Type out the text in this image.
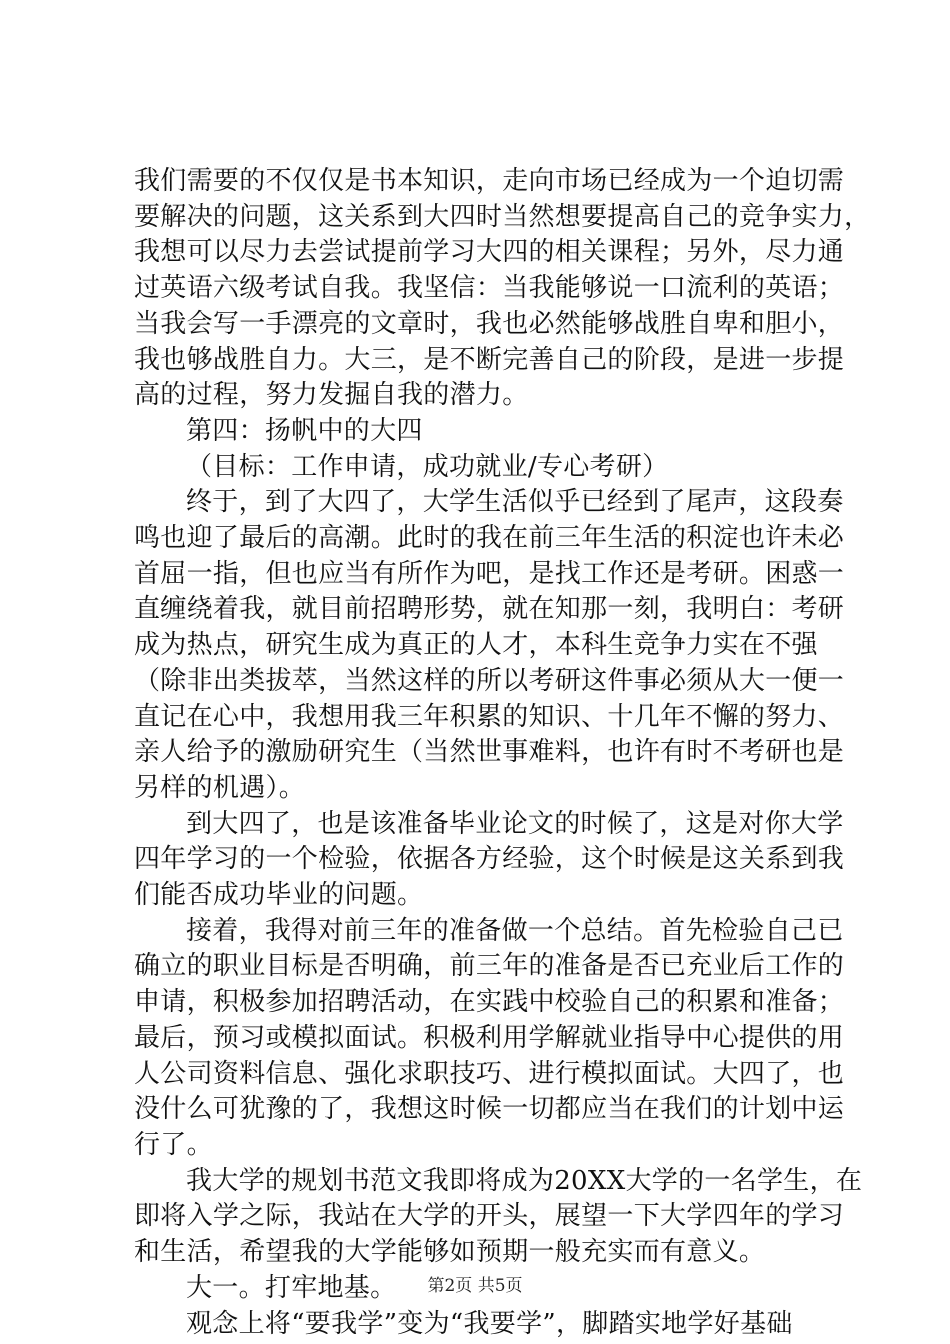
我们需要的不仅仅是书本知识，走向市场已经成为一个迫切需
要解决的问题，这关系到大四时当然想要提高自己的竞争实力，
我想可以尽力去尝试提前学习大四的相关课程；另外，尽力通
过英语六级考试自我。我坚信：当我能够说一口流利的英语；
当我会写一手漂亮的文章时，我也必然能够战胜自卑和胆小，
我也够战胜自力。大三，是不断完善自己的阶段，是进一步提
高的过程，努力发掘自我的潜力。
第四：扬帆中的大四
（目标：工作申请，成功就业/专心考研）
终于，到了大四了，大学生活似乎已经到了尾声，这段奏
鸣也迎了最后的高潮。此时的我在前三年生活的积淀也许未必
首屈一指，但也应当有所作为吧，是找工作还是考研。困惑一
直缠绕着我，就目前招聘形势，就在知那一刻，我明白：考研
成为热点，研究生成为真正的人才，本科生竞争力实在不强
（除非出类拔萃，当然这样的所以考研这件事必须从大一便一
直记在心中，我想用我三年积累的知识、十几年不懈的努力、
亲人给予的激励研究生（当然世事难料，也许有时不考研也是
另样的机遇）。
到大四了，也是该准备毕业论文的时候了，这是对你大学
四年学习的一个检验，依据各方经验，这个时候是这关系到我
们能否成功毕业的问题。
接着，我得对前三年的准备做一个总结。首先检验自己已
确立的职业目标是否明确，前三年的准备是否已充业后工作的
申请，积极参加招聘活动，在实践中校验自己的积累和准备；
最后，预习或模拟面试。积极利用学解就业指导中心提供的用
人公司资料信息、强化求职技巧、进行模拟面试。大四了，也
没什么可犹豫的了，我想这时候一切都应当在我们的计划中运
行了。
我大学的规划书范文我即将成为20XX大学的一名学生，在
即将入学之际，我站在大学的开头，展望一下大学四年的学习
和生活，希望我的大学能够如预期一般充实而有意义。
大一。打牢地基。
观念上将“要我学”变为“我要学”，脚踏实地学好基础
第2页 共5页
